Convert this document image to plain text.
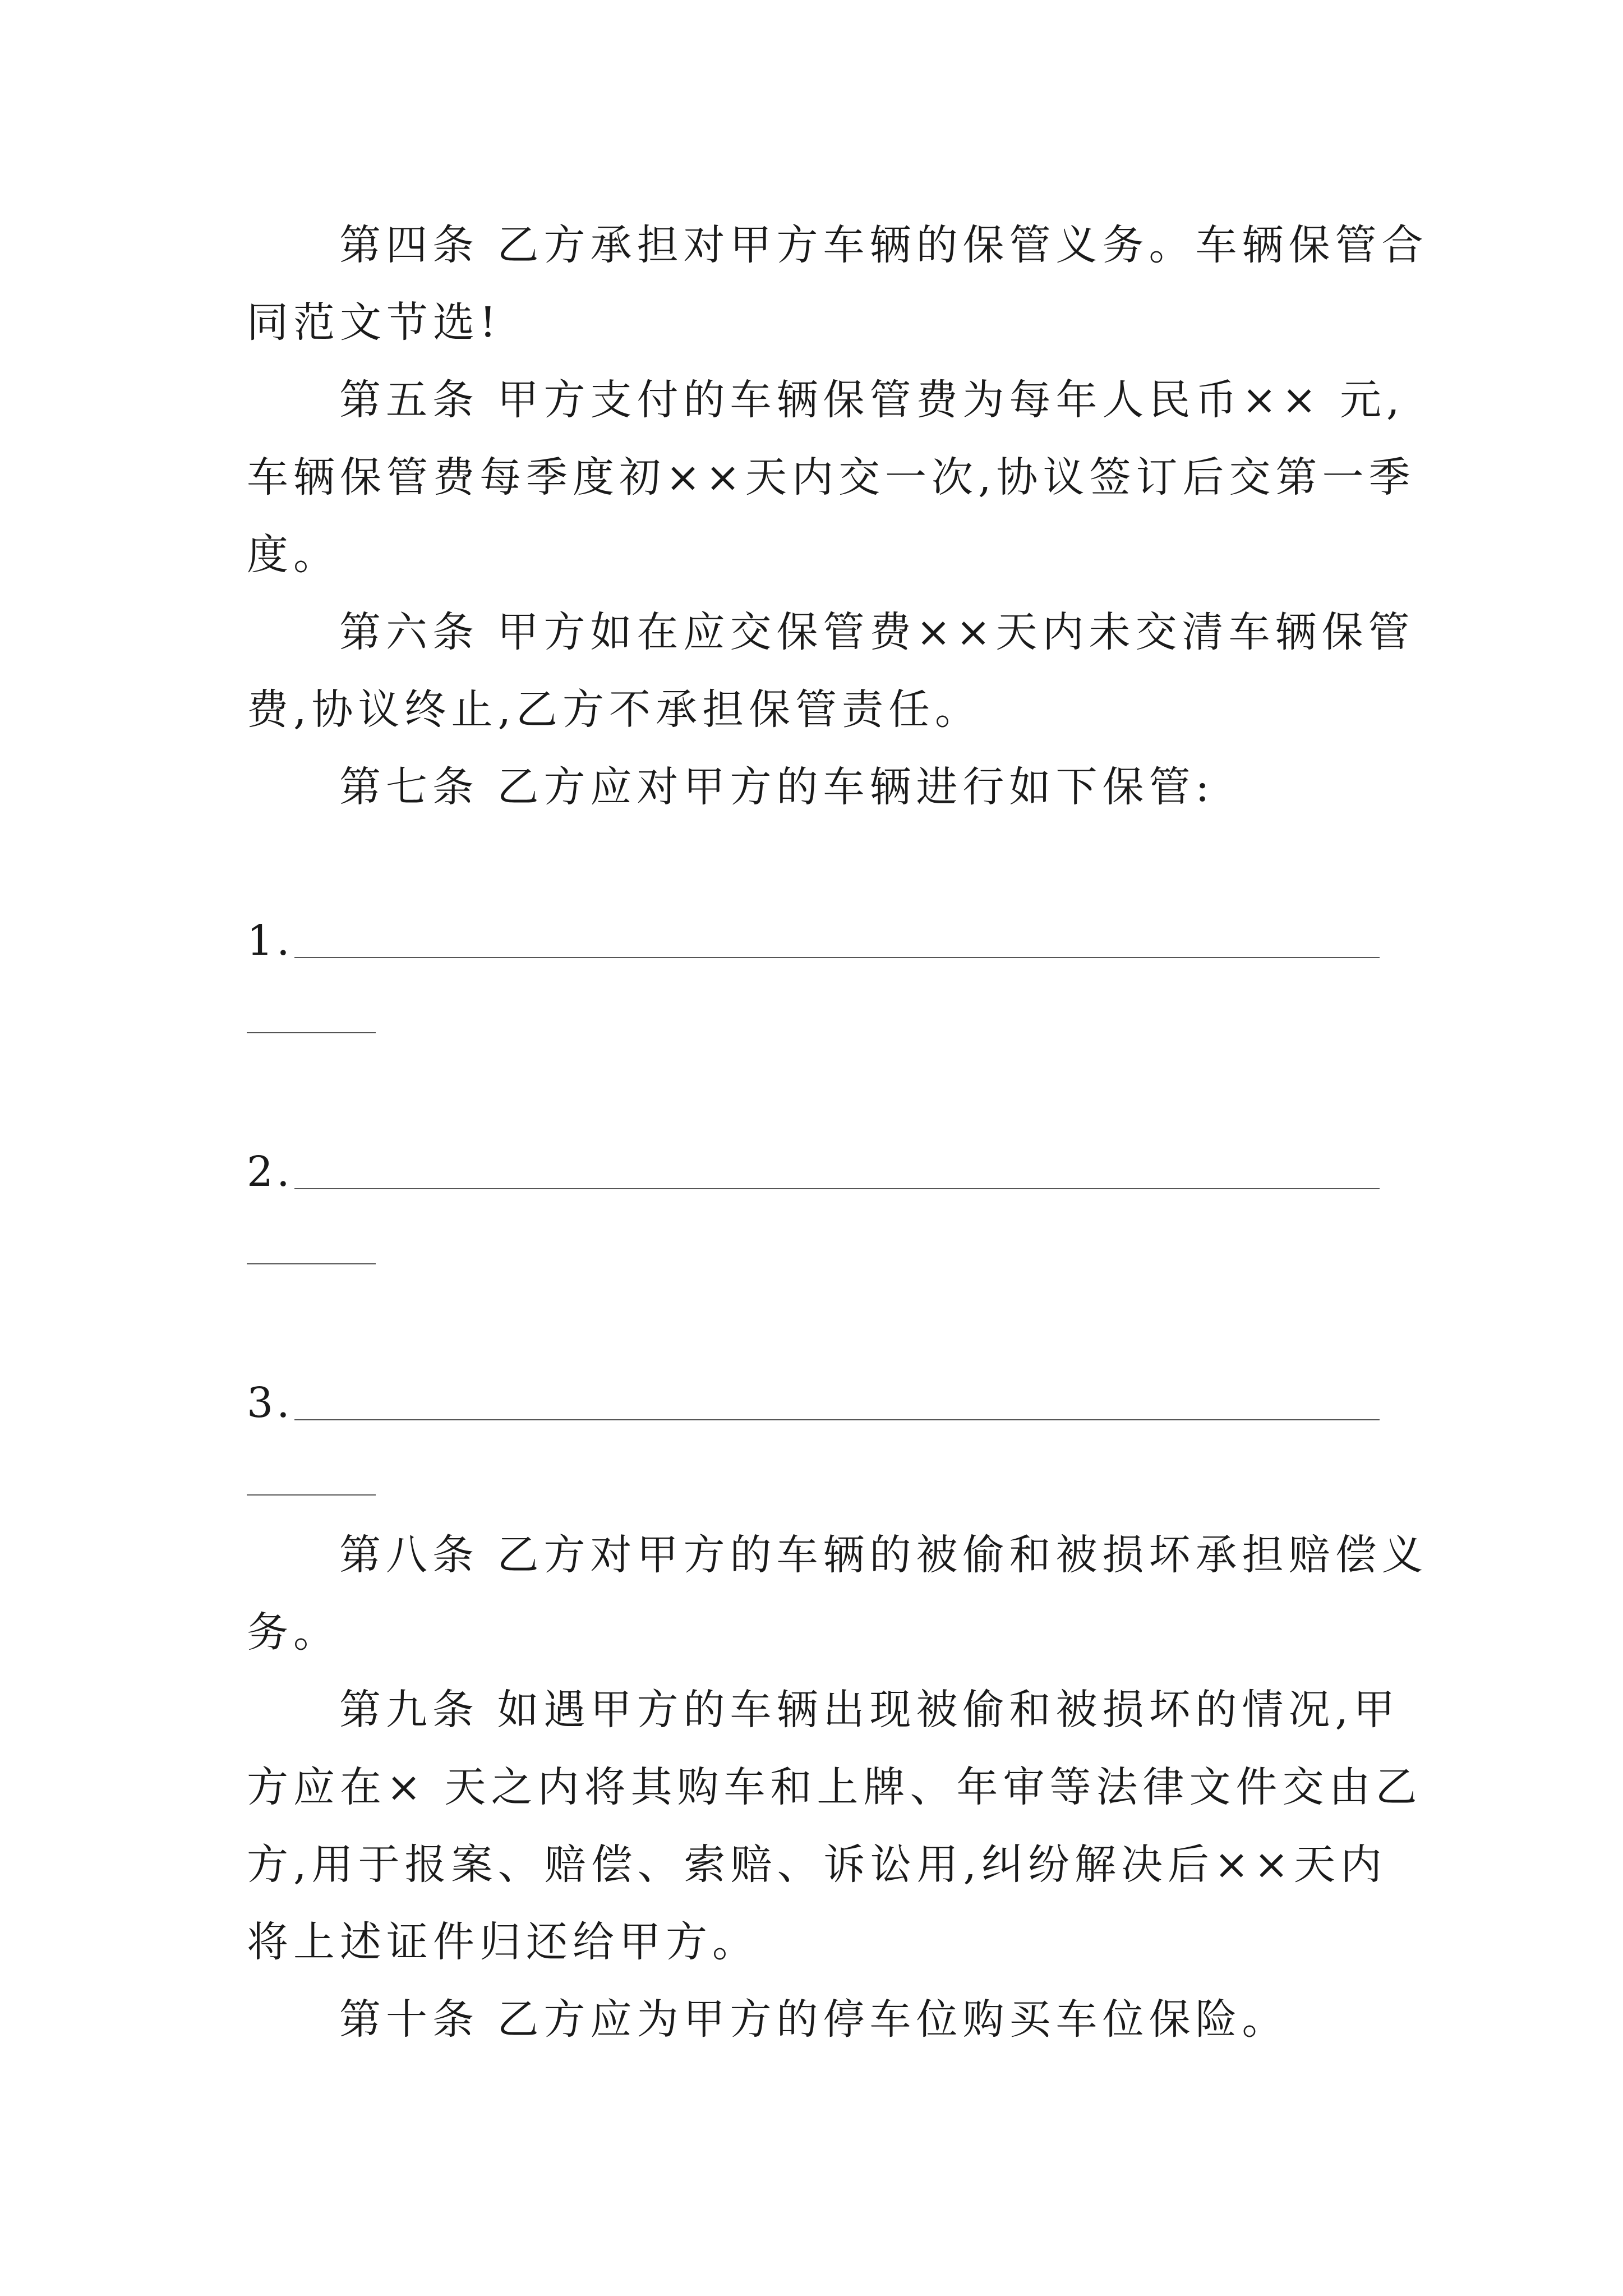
第四条 乙方承担对甲方车辆的保管义务。车辆保管合
同范文节选!
第五条 甲方支付的车辆保管费为每年人民币×× 元,
车辆保管费每季度初××天内交一次,协议签订后交第一季
度。
第六条 甲方如在应交保管费××天内未交清车辆保管
费,协议终止,乙方不承担保管责任。
第七条 乙方应对甲方的车辆进行如下保管:
1.
2.
3.
第八条 乙方对甲方的车辆的被偷和被损坏承担赔偿义
务。
第九条 如遇甲方的车辆出现被偷和被损坏的情况,甲
方应在× 天之内将其购车和上牌、年审等法律文件交由乙
方,用于报案、赔偿、索赔、诉讼用,纠纷解决后××天内
将上述证件归还给甲方。
第十条 乙方应为甲方的停车位购买车位保险。
